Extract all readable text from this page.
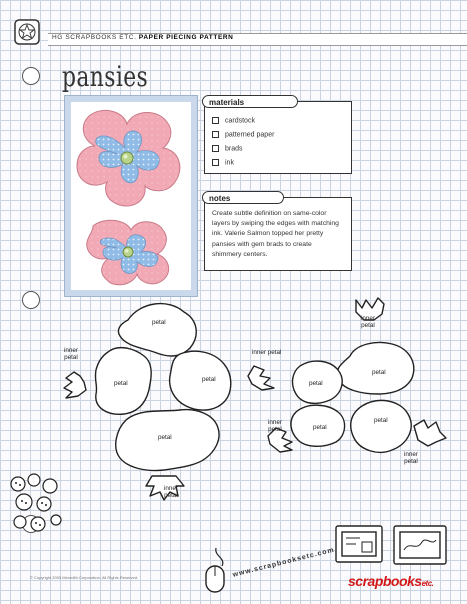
HG SCRAPBOOKS ETC. PAPER PIECING PATTERN
pansies
materials
cardstock
patterned paper
brads
ink
notes
Create subtle definition on same-color layers by swiping the edges with matching ink. Valerie Salmon topped her pretty pansies with gem brads to create shimmery centers.
petal
petal
petal
petal
petal
petal
petal
petal
inner petal
inner petal
inner petal
inner petal
inner petal
inner petal
© Copyright 2005 Meredith Corporation. All Rights Reserved.	www.scrapbooksetc.com
scrapbooksetc.
